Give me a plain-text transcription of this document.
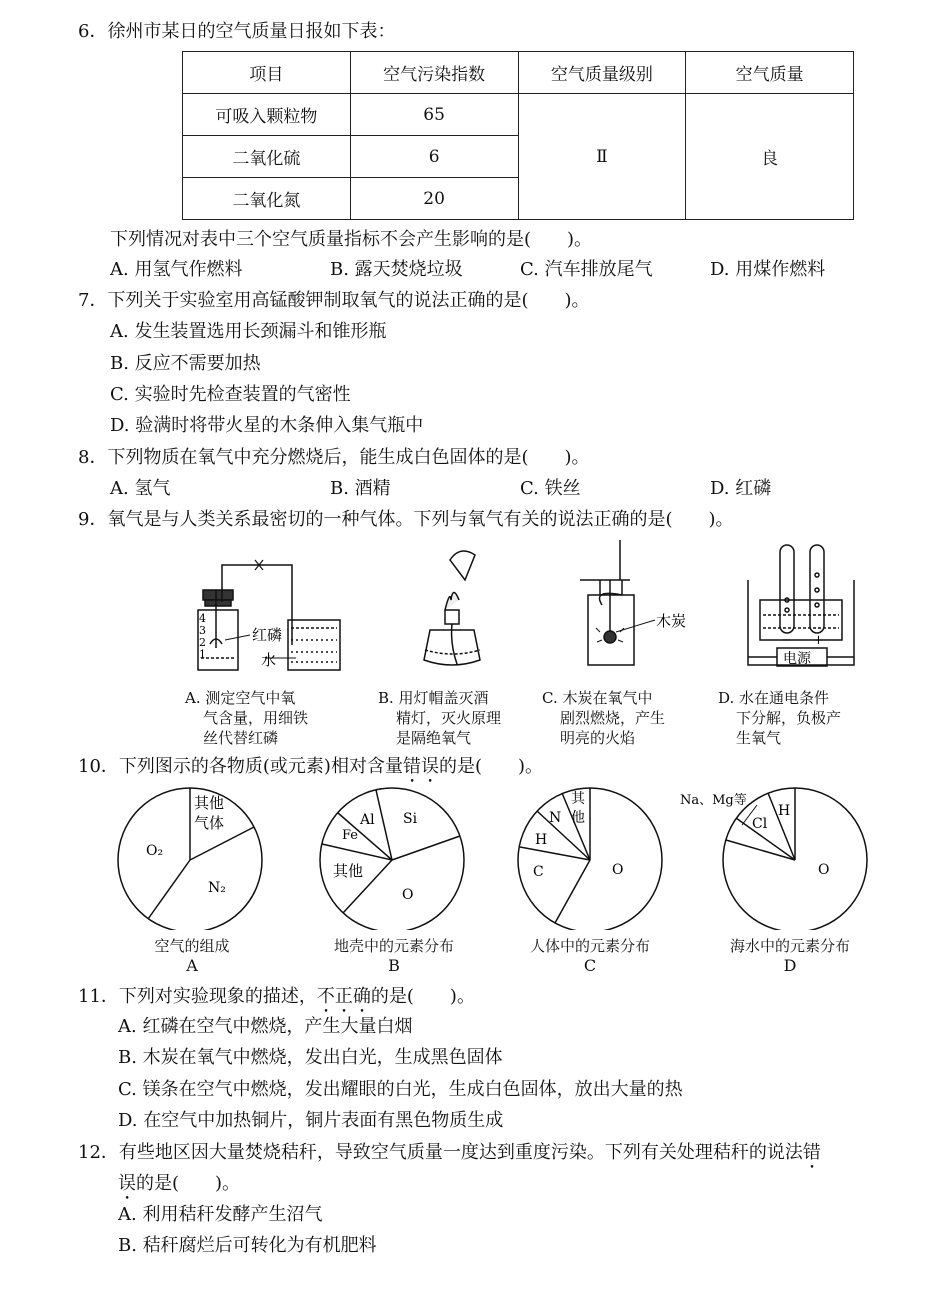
6．徐州市某日的空气质量日报如下表：
项目	空气污染指数	空气质量级别	空气质量
可吸入颗粒物	65	Ⅱ	良
二氧化硫	6		
二氧化氮	20		
下列情况对表中三个空气质量指标不会产生影响的是(　　)。
A. 用氢气作燃料	B. 露天焚烧垃圾	C. 汽车排放尾气	D. 用煤作燃料
7．下列关于实验室用高锰酸钾制取氧气的说法正确的是(　　)。
A. 发生装置选用长颈漏斗和锥形瓶
B. 反应不需要加热
C. 实验时先检查装置的气密性
D. 验满时将带火星的木条伸入集气瓶中
8．下列物质在氧气中充分燃烧后，能生成白色固体的是(　　)。
A. 氢气	B. 酒精	C. 铁丝	D. 红磷
9．氧气是与人类关系最密切的一种气体。下列与氧气有关的说法正确的是(　　)。
4
3
2
1
红磷
水
木炭
− +
电源
A. 测定空气中氧
气含量，用细铁
丝代替红磷
B. 用灯帽盖灭酒
精灯，灭火原理
是隔绝氧气
C. 木炭在氧气中
剧烈燃烧，产生
明亮的火焰
D. 水在通电条件
下分解，负极产
生氧气
10．下列图示的各物质(或元素)相对含量错误的是(　　)。
其他
气体
O₂
N₂
Al Si
Fe
其他
O
N
其
他
H
C	O
Na、Mg等
Cl
H
O
空气的组成	地壳中的元素分布	人体中的元素分布	海水中的元素分布
A	B	C	D
11．下列对实验现象的描述，不正确的是(　　)。
A. 红磷在空气中燃烧，产生大量白烟
B. 木炭在氧气中燃烧，发出白光，生成黑色固体
C. 镁条在空气中燃烧，发出耀眼的白光，生成白色固体，放出大量的热
D. 在空气中加热铜片，铜片表面有黑色物质生成
12．有些地区因大量焚烧秸秆，导致空气质量一度达到重度污染。下列有关处理秸秆的说法错
误的是(　　)。
A. 利用秸秆发酵产生沼气
B. 秸秆腐烂后可转化为有机肥料
